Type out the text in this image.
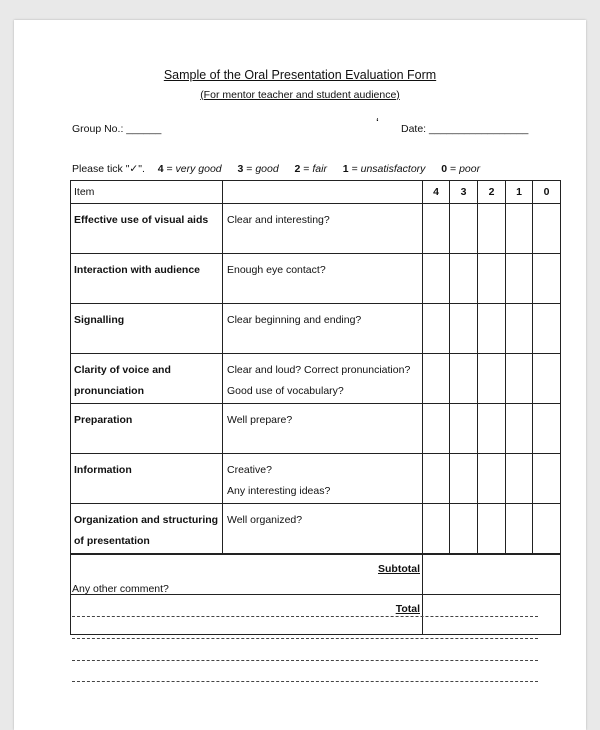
Sample of the Oral Presentation Evaluation Form
(For mentor teacher and student audience)
Group No.: ______	‘ Date: _________________
Please tick "✓". 4 = very good 3 = good 2 = fair 1 = unsatisfactory 0 = poor
Item		4	3	2	1	0

Effective use of visual aids	Clear and interesting?					

Interaction with audience	Enough eye contact?					

Signalling	Clear beginning and ending?					

Clarity of voice and
pronunciation	Clear and loud? Correct pronunciation?
Good use of vocabulary?					

Preparation	Well prepare?					

Information	Creative?
Any interesting ideas?					

Organization and structuring
of presentation	Well organized?					

Subtotal						
Total						
Any other comment?
